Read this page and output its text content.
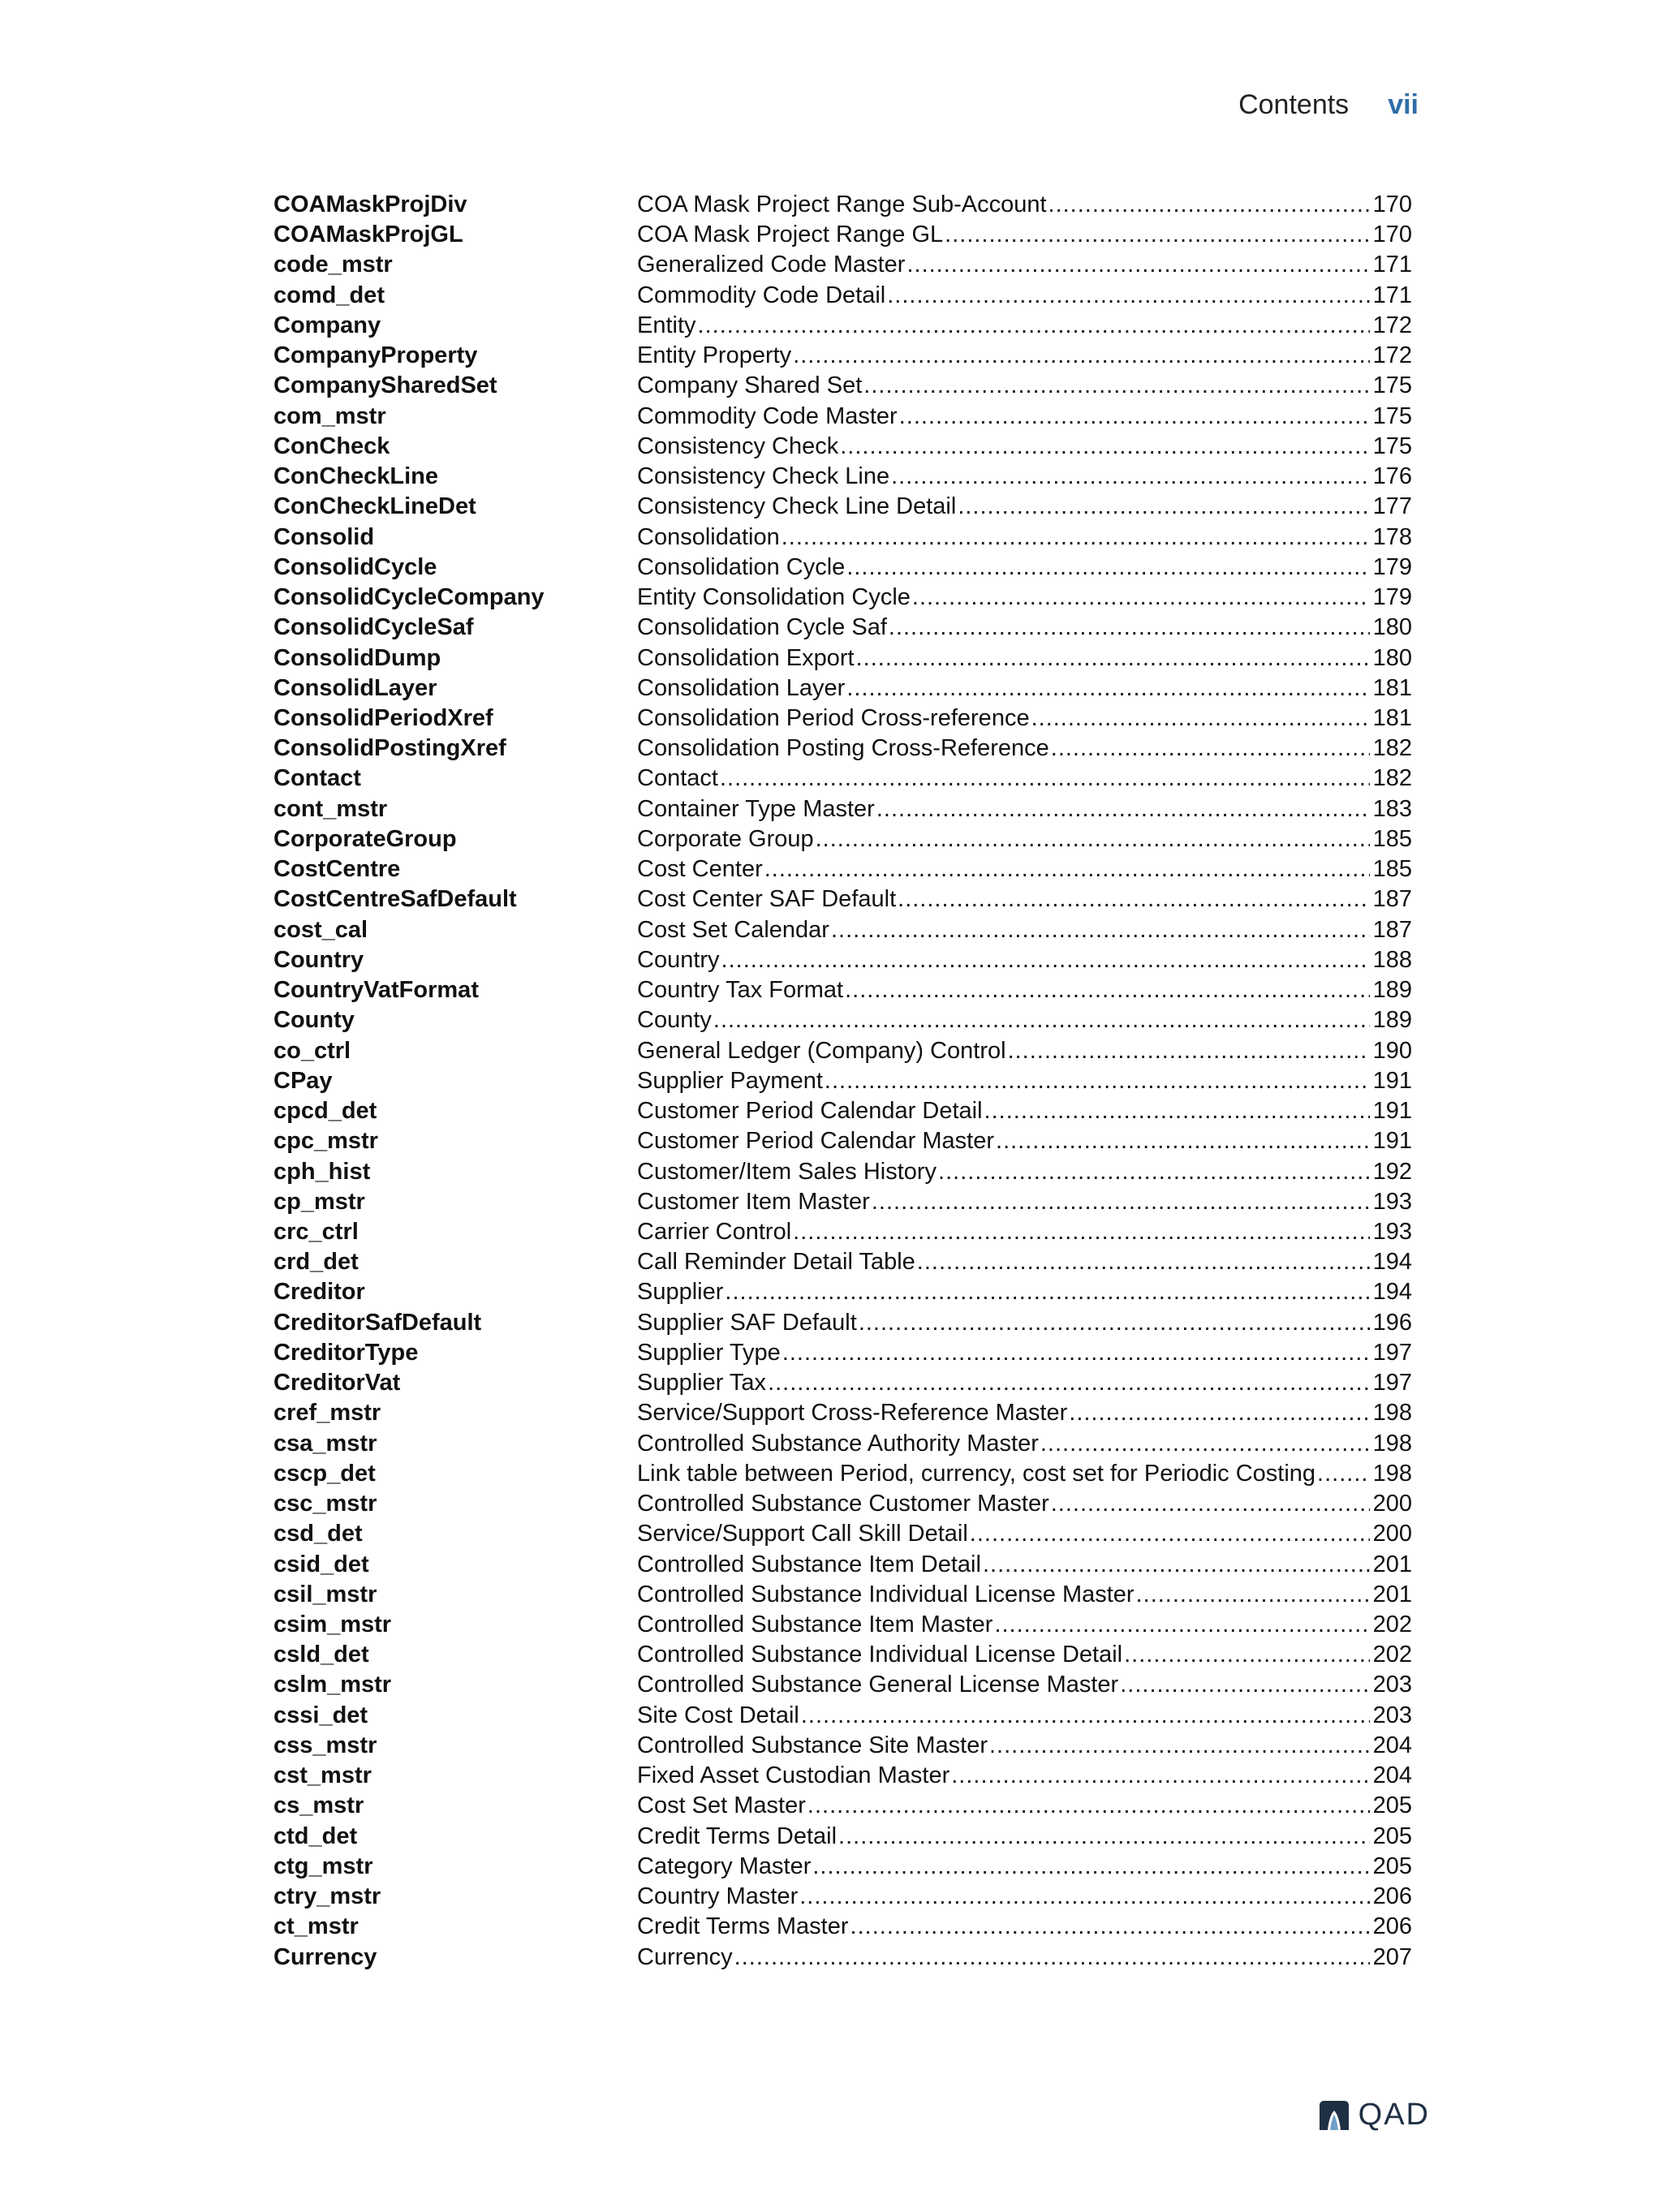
Contents vii
COAMaskProjDiv	COA Mask Project Range Sub-Account .....	170
COAMaskProjGL	COA Mask Project Range GL .....	170
code_mstr	Generalized Code Master .....	171
comd_det	Commodity Code Detail .....	171
Company	Entity .....	172
CompanyProperty	Entity Property .....	172
CompanySharedSet	Company Shared Set .....	175
com_mstr	Commodity Code Master .....	175
ConCheck	Consistency Check .....	175
ConCheckLine	Consistency Check Line .....	176
ConCheckLineDet	Consistency Check Line Detail .....	177
Consolid	Consolidation .....	178
ConsolidCycle	Consolidation Cycle .....	179
ConsolidCycleCompany	Entity Consolidation Cycle .....	179
ConsolidCycleSaf	Consolidation Cycle Saf .....	180
ConsolidDump	Consolidation Export .....	180
ConsolidLayer	Consolidation Layer .....	181
ConsolidPeriodXref	Consolidation Period Cross-reference .....	181
ConsolidPostingXref	Consolidation Posting Cross-Reference .....	182
Contact	Contact .....	182
cont_mstr	Container Type Master .....	183
CorporateGroup	Corporate Group .....	185
CostCentre	Cost Center .....	185
CostCentreSafDefault	Cost Center SAF Default .....	187
cost_cal	Cost Set Calendar .....	187
Country	Country .....	188
CountryVatFormat	Country Tax Format .....	189
County	County .....	189
co_ctrl	General Ledger (Company) Control .....	190
CPay	Supplier Payment .....	191
cpcd_det	Customer Period Calendar Detail .....	191
cpc_mstr	Customer Period Calendar Master .....	191
cph_hist	Customer/Item Sales History .....	192
cp_mstr	Customer Item Master .....	193
crc_ctrl	Carrier Control .....	193
crd_det	Call Reminder Detail Table .....	194
Creditor	Supplier .....	194
CreditorSafDefault	Supplier SAF Default .....	196
CreditorType	Supplier Type .....	197
CreditorVat	Supplier Tax .....	197
cref_mstr	Service/Support Cross-Reference Master .....	198
csa_mstr	Controlled Substance Authority Master .....	198
cscp_det	Link table between Period, currency, cost set for Periodic Costing ..... 198
csc_mstr	Controlled Substance Customer Master .....	200
csd_det	Service/Support Call Skill Detail .....	200
csid_det	Controlled Substance Item Detail .....	201
csil_mstr	Controlled Substance Individual License Master .....	201
csim_mstr	Controlled Substance Item Master .....	202
csld_det	Controlled Substance Individual License Detail .....	202
cslm_mstr	Controlled Substance General License Master .....	203
cssi_det	Site Cost Detail .....	203
css_mstr	Controlled Substance Site Master .....	204
cst_mstr	Fixed Asset Custodian Master .....	204
cs_mstr	Cost Set Master .....	205
ctd_det	Credit Terms Detail .....	205
ctg_mstr	Category Master .....	205
ctry_mstr	Country Master .....	206
ct_mstr	Credit Terms Master .....	206
Currency	Currency .....	207
QAD
